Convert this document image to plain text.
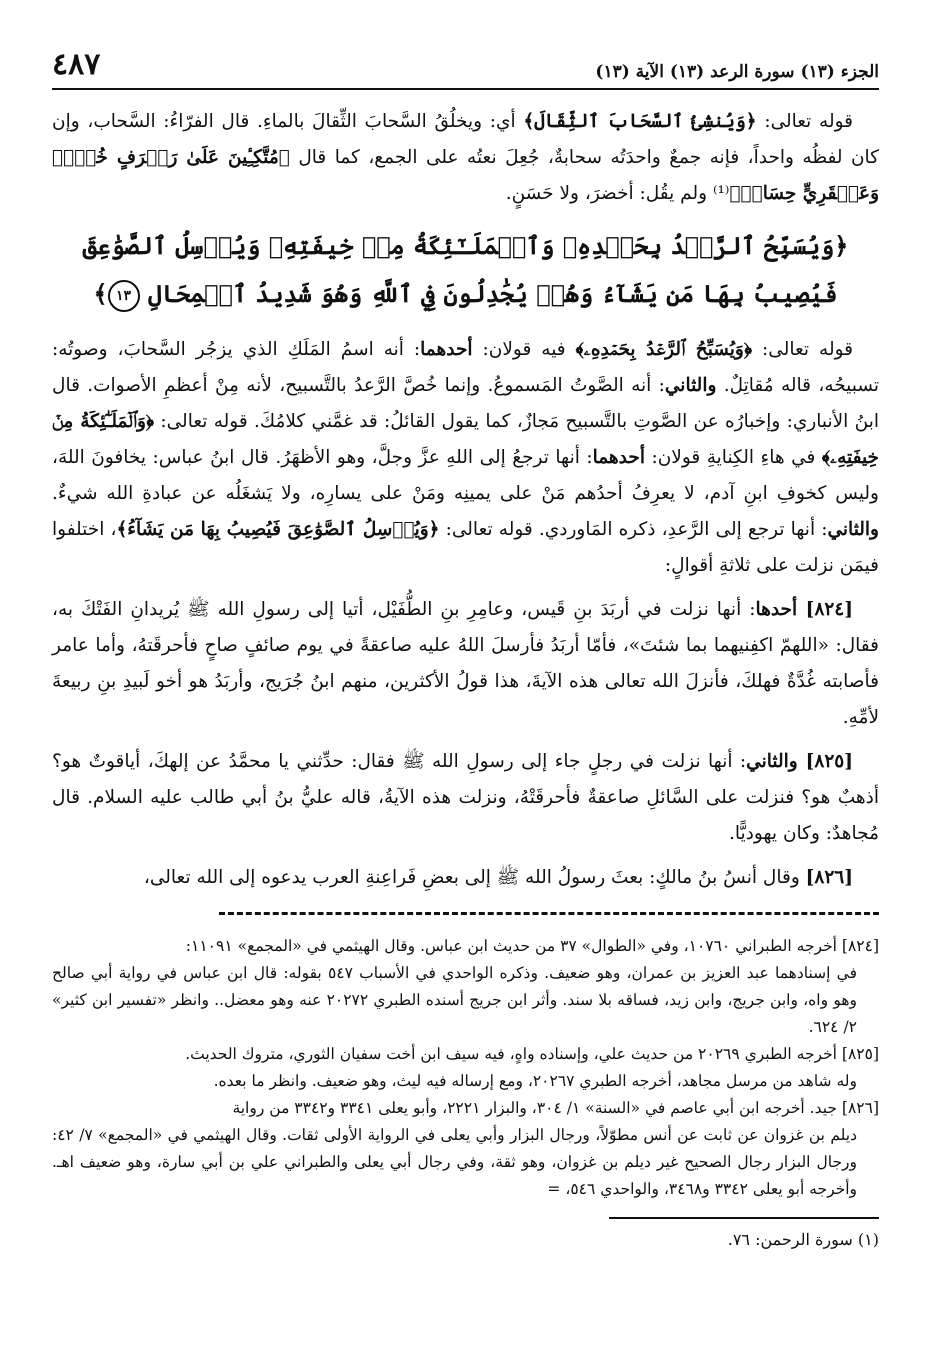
الجزء (١٣) سورة الرعد (١٣) الآية (١٣)
٤٨٧

قوله تعالى: ﴿وَيُنشِئُ ٱلسَّحَابَ ٱلثِّقَالَ﴾ أي: ويخلُقُ السَّحابَ الثِّقالَ بالماءِ. قال الفرّاءُ: السَّحاب، وإن كان لفظُه واحداً، فإنه جمعٌ واحدَتُه سحابةٌ، جُعِلَ نعتُه على الجمع، كما قال ﴿مُتَّكِـِٔينَ عَلَىٰ رَفۡرَفٍ خُضۡرٖ وَعَبۡقَرِيٍّ حِسَانٖ﴾⁽¹⁾ ولم يقُل: أخضرَ، ولا حَسَنٍ.

﴿وَيُسَبِّحُ ٱلرَّعۡدُ بِحَمۡدِهِۦ وَٱلۡمَلَـٰٓئِكَةُ مِنۡ خِيفَتِهِۦ وَيُرۡسِلُ ٱلصَّوَٰعِقَ فَيُصِيبُ بِهَا مَن يَشَآءُ وَهُمۡ يُجَٰدِلُونَ فِي ٱللَّهِ وَهُوَ شَدِيدُ ٱلۡمِحَالِ ١٣﴾

قوله تعالى: ﴿وَيُسَبِّحُ ٱلرَّعۡدُ بِحَمۡدِهِۦ﴾ فيه قولان: أحدهما: أنه اسمُ المَلَكِ الذي يزجُر السَّحابَ، وصوتُه: تسبيحُه، قاله مُقاتِلٌ. والثاني: أنه الصَّوتُ المَسموعُ. وإنما خُصَّ الرَّعدُ بالتَّسبيح، لأنه مِنْ أعظمِ الأصوات. قال ابنُ الأنباري: وإخبارُه عن الصَّوتِ بالتَّسبيح مَجازٌ، كما يقول القائلُ: قد غمَّني كلامُكَ. قوله تعالى: ﴿وَٱلۡمَلَـٰٓئِكَةُ مِنۡ خِيفَتِهِۦ﴾ في هاءِ الكِنايةِ قولان: أحدهما: أنها ترجعُ إلى اللهِ عزَّ وجلَّ، وهو الأظهَرُ. قال ابنُ عباس: يخافونَ اللهَ، وليس كخوفِ ابنِ آدم، لا يعرِفُ أحدُهم مَنْ على يمينِه ومَنْ على يسارِه، ولا يَشغَلُه عن عبادةِ الله شيءٌ. والثاني: أنها ترجع إلى الرَّعدِ، ذكره المَاوردي. قوله تعالى: ﴿وَيُرۡسِلُ ٱلصَّوَٰعِقَ فَيُصِيبُ بِهَا مَن يَشَآءُ﴾، اختلفوا فيمَن نزلت على ثلاثةِ أقوالٍ:

[٨٢٤] أحدها: أنها نزلت في أربَدَ بنِ قَيس، وعامِرِ بنِ الطُّفَيْل، أتيا إلى رسولِ الله ﷺ يُريدانِ الفَتْكَ به، فقال: «اللهمّ اكفِنيهما بما شئتَ»، فأمّا أربَدُ فأرسلَ اللهُ عليه صاعقةً في يوم صائفٍ صاحٍ فأحرقَتهُ، وأما عامر فأصابته غُدَّةٌ فهلكَ، فأنزلَ الله تعالى هذه الآيةَ، هذا قولُ الأكثرين، منهم ابنُ جُرَيج، وأربَدُ هو أخو لَبيدِ بنِ ربيعةَ لأمِّهِ.

[٨٢٥] والثاني: أنها نزلت في رجلٍ جاء إلى رسولِ الله ﷺ فقال: حدِّثني يا محمَّدُ عن إلهكَ، أياقوتٌ هو؟ أذهبٌ هو؟ فنزلت على السَّائلِ صاعقةٌ فأحرقَتْهُ، ونزلت هذه الآيةُ، قاله عليُّ بنُ أبي طالب عليه السلام. قال مُجاهدٌ: وكان يهوديًّا.

[٨٢٦] وقال أنسُ بنُ مالكٍ: بعثَ رسولُ الله ﷺ إلى بعضِ فَراعِنةِ العرب يدعوه إلى الله تعالى،

[٨٢٤] أخرجه الطبراني ١٠٧٦٠، وفي «الطوال» ٣٧ من حديث ابن عباس. وقال الهيثمي في «المجمع» ١١٠٩١:

في إسنادهما عبد العزيز بن عمران، وهو ضعيف. وذكره الواحدي في الأسباب ٥٤٧ بقوله: قال ابن عباس في رواية أبي صالح وهو واه، وابن جريج، وابن زيد، فساقه بلا سند. وأثر ابن جريج أسنده الطبري ٢٠٢٧٢ عنه وهو معضل.. وانظر «تفسير ابن كثير» ٢/ ٦٢٤.

[٨٢٥] أخرجه الطبري ٢٠٢٦٩ من حديث علي، وإسناده واهٍ، فيه سيف ابن أخت سفيان الثوري، متروك الحديث.

وله شاهد من مرسل مجاهد، أخرجه الطبري ٢٠٢٦٧، ومع إرساله فيه ليث، وهو ضعيف. وانظر ما بعده.

[٨٢٦] جيد. أخرجه ابن أبي عاصم في «السنة» ١/ ٣٠٤، والبزار ٢٢٢١، وأبو يعلى ٣٣٤١ و٣٣٤٢ من رواية

ديلم بن غزوان عن ثابت عن أنس مطوّلاً، ورجال البزار وأبي يعلى في الرواية الأولى ثقات. وقال الهيثمي في «المجمع» ٧/ ٤٢: ورجال البزار رجال الصحيح غير ديلم بن غزوان، وهو ثقة، وفي رجال أبي يعلى والطبراني علي بن أبي سارة، وهو ضعيف اهـ. وأخرجه أبو يعلى ٣٣٤٢ و٣٤٦٨، والواحدي ٥٤٦، =

(١) سورة الرحمن: ٧٦.
